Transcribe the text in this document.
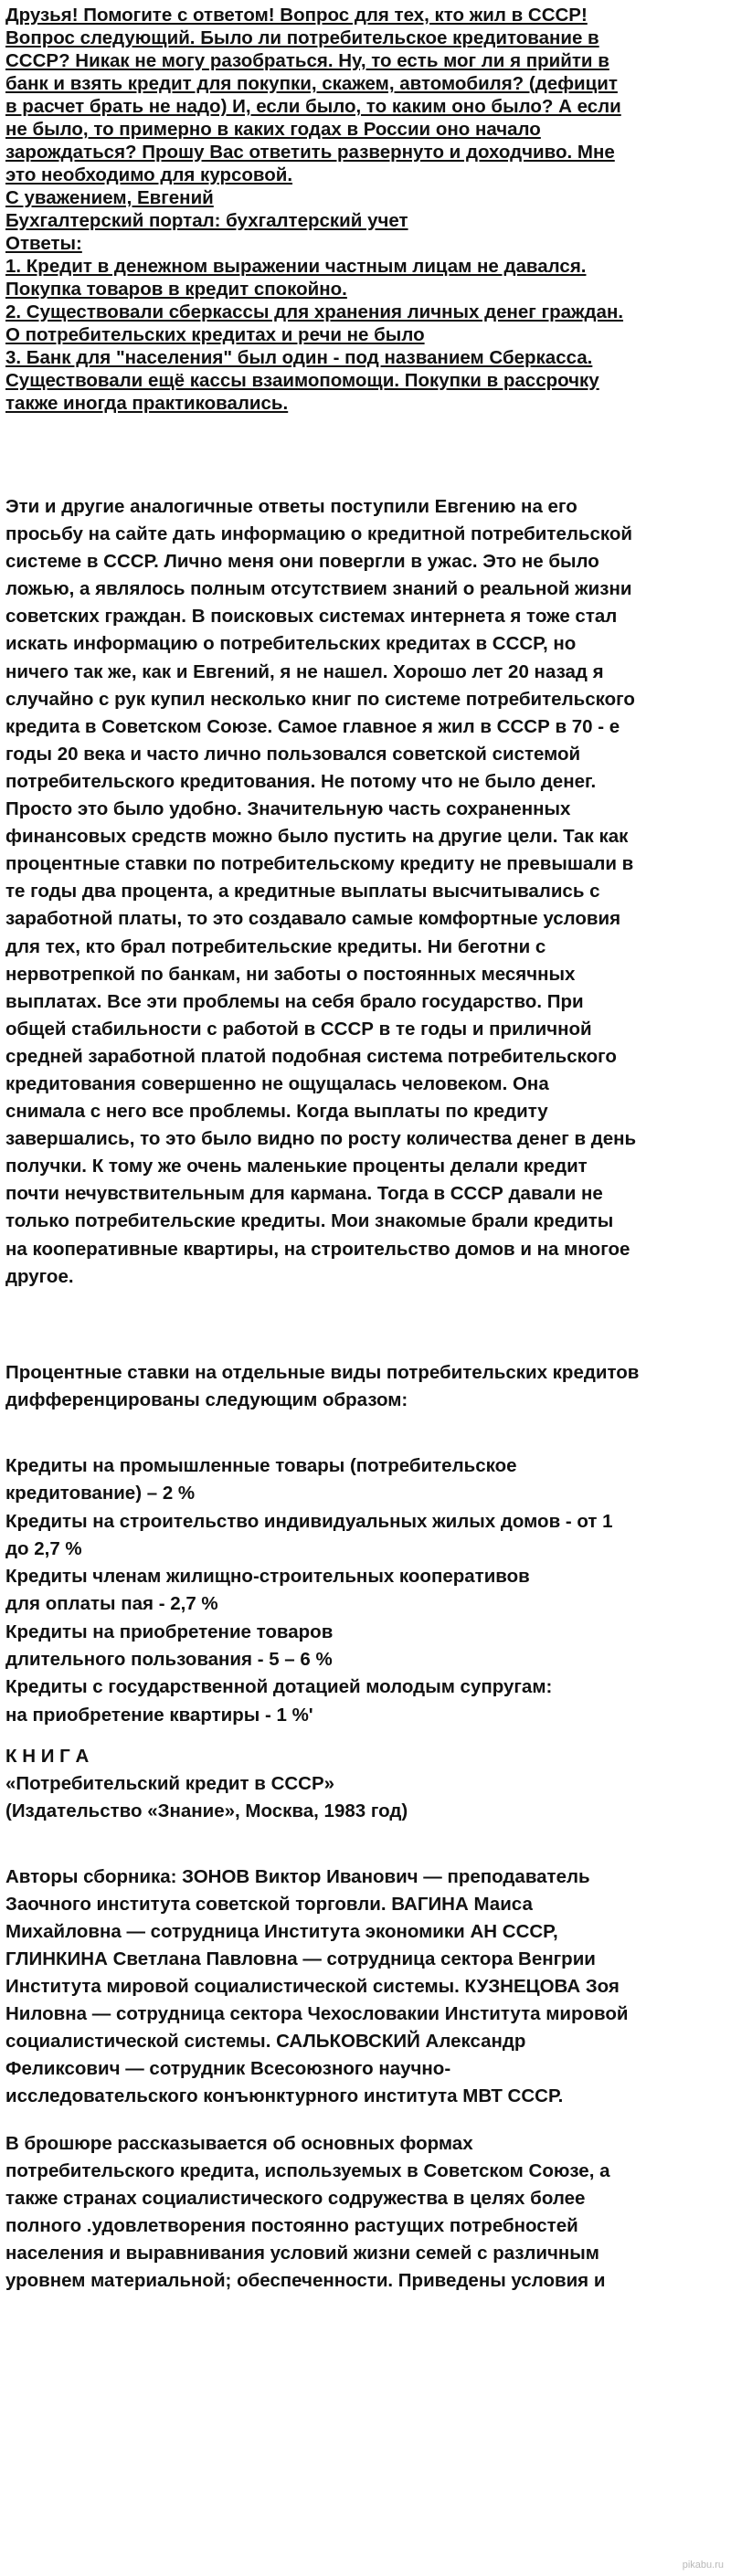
Друзья! Помогите с ответом! Вопрос для тех, кто жил в СССР!
Вопрос следующий. Было ли потребительское кредитование в
СССР? Никак не могу разобраться. Ну, то есть мог ли я прийти в
банк и взять кредит для покупки, скажем, автомобиля? (дефицит
в расчет брать не надо) И, если было, то каким оно было? А если
не было, то примерно в каких годах в России оно начало
зарождаться? Прошу Вас ответить развернуто и доходчиво. Мне
это необходимо для курсовой.
С уважением, Евгений
Бухгалтерский портал: бухгалтерский учет
Ответы:
1. Кредит в денежном выражении частным лицам не давался.
Покупка товаров в кредит спокойно.
2. Существовали сберкассы для хранения личных денег граждан.
О потребительских кредитах и речи не было
3. Банк для "населения" был один - под названием Сберкасса.
Существовали ещё кассы взаимопомощи. Покупки в рассрочку
также иногда практиковались.

Эти и другие аналогичные ответы поступили Евгению на его
просьбу на сайте дать информацию о кредитной потребительской
системе в СССР. Лично меня они повергли в ужас. Это не было
ложью, а являлось полным отсутствием знаний о реальной жизни
советских граждан. В поисковых системах интернета я тоже стал
искать информацию о потребительских кредитах в СССР, но
ничего так же, как и Евгений, я не нашел. Хорошо лет 20 назад я
случайно с рук купил несколько книг по системе потребительского
кредита в Советском Союзе. Самое главное я жил в СССР в 70 - е
годы 20 века и часто лично пользовался советской системой
потребительского кредитования. Не потому что не было денег.
Просто это было удобно. Значительную часть сохраненных
финансовых средств можно было пустить на другие цели. Так как
процентные ставки по потребительскому кредиту не превышали в
те годы два процента, а кредитные выплаты высчитывались с
заработной платы, то это создавало самые комфортные условия
для тех, кто брал потребительские кредиты. Ни беготни с
нервотрепкой по банкам, ни заботы о постоянных месячных
выплатах. Все эти проблемы на себя брало государство. При
общей стабильности с работой в СССР в те годы и приличной
средней заработной платой подобная система потребительского
кредитования совершенно не ощущалась человеком. Она
снимала с него все проблемы. Когда выплаты по кредиту
завершались, то это было видно по росту количества денег в день
получки. К тому же очень маленькие проценты делали кредит
почти нечувствительным для кармана. Тогда в СССР давали не
только потребительские кредиты. Мои знакомые брали кредиты
на кооперативные квартиры, на строительство домов и на многое
другое.

Процентные ставки на отдельные виды потребительских кредитов
дифференцированы следующим образом:

Кредиты на промышленные товары (потребительское
кредитование) – 2 %
Кредиты на строительство индивидуальных жилых домов - от 1
до 2,7 %
Кредиты членам жилищно-строительных кооперативов
для оплаты пая - 2,7 %
Кредиты на приобретение товаров
длительного пользования - 5 – 6 %
Кредиты с государственной дотацией молодым супругам:
на приобретение квартиры - 1 %'

К Н И Г А
«Потребительский кредит в СССР»
(Издательство «Знание», Москва, 1983 год)

Авторы сборника: ЗОНОВ Виктор Иванович — преподаватель
Заочного института советской торговли. ВАГИНА Маиса
Михайловна — сотрудница Института экономики АН СССР,
ГЛИНКИНА Светлана Павловна — сотрудница сектора Венгрии
Института мировой социалистической системы. КУЗНЕЦОВА Зоя
Ниловна — сотрудница сектора Чехословакии Института мировой
социалистической системы. САЛЬКОВСКИЙ Александр
Феликсович — сотрудник Всесоюзного научно-
исследовательского конъюнктурного института МВТ СССР.

В брошюре рассказывается об основных формах
потребительского кредита, используемых в Советском Союзе, а
также странах социалистического содружества в целях более
полного .удовлетворения постоянно растущих потребностей
населения и выравнивания условий жизни семей с различным
уровнем материальной; обеспеченности. Приведены условия и

pikabu.ru
